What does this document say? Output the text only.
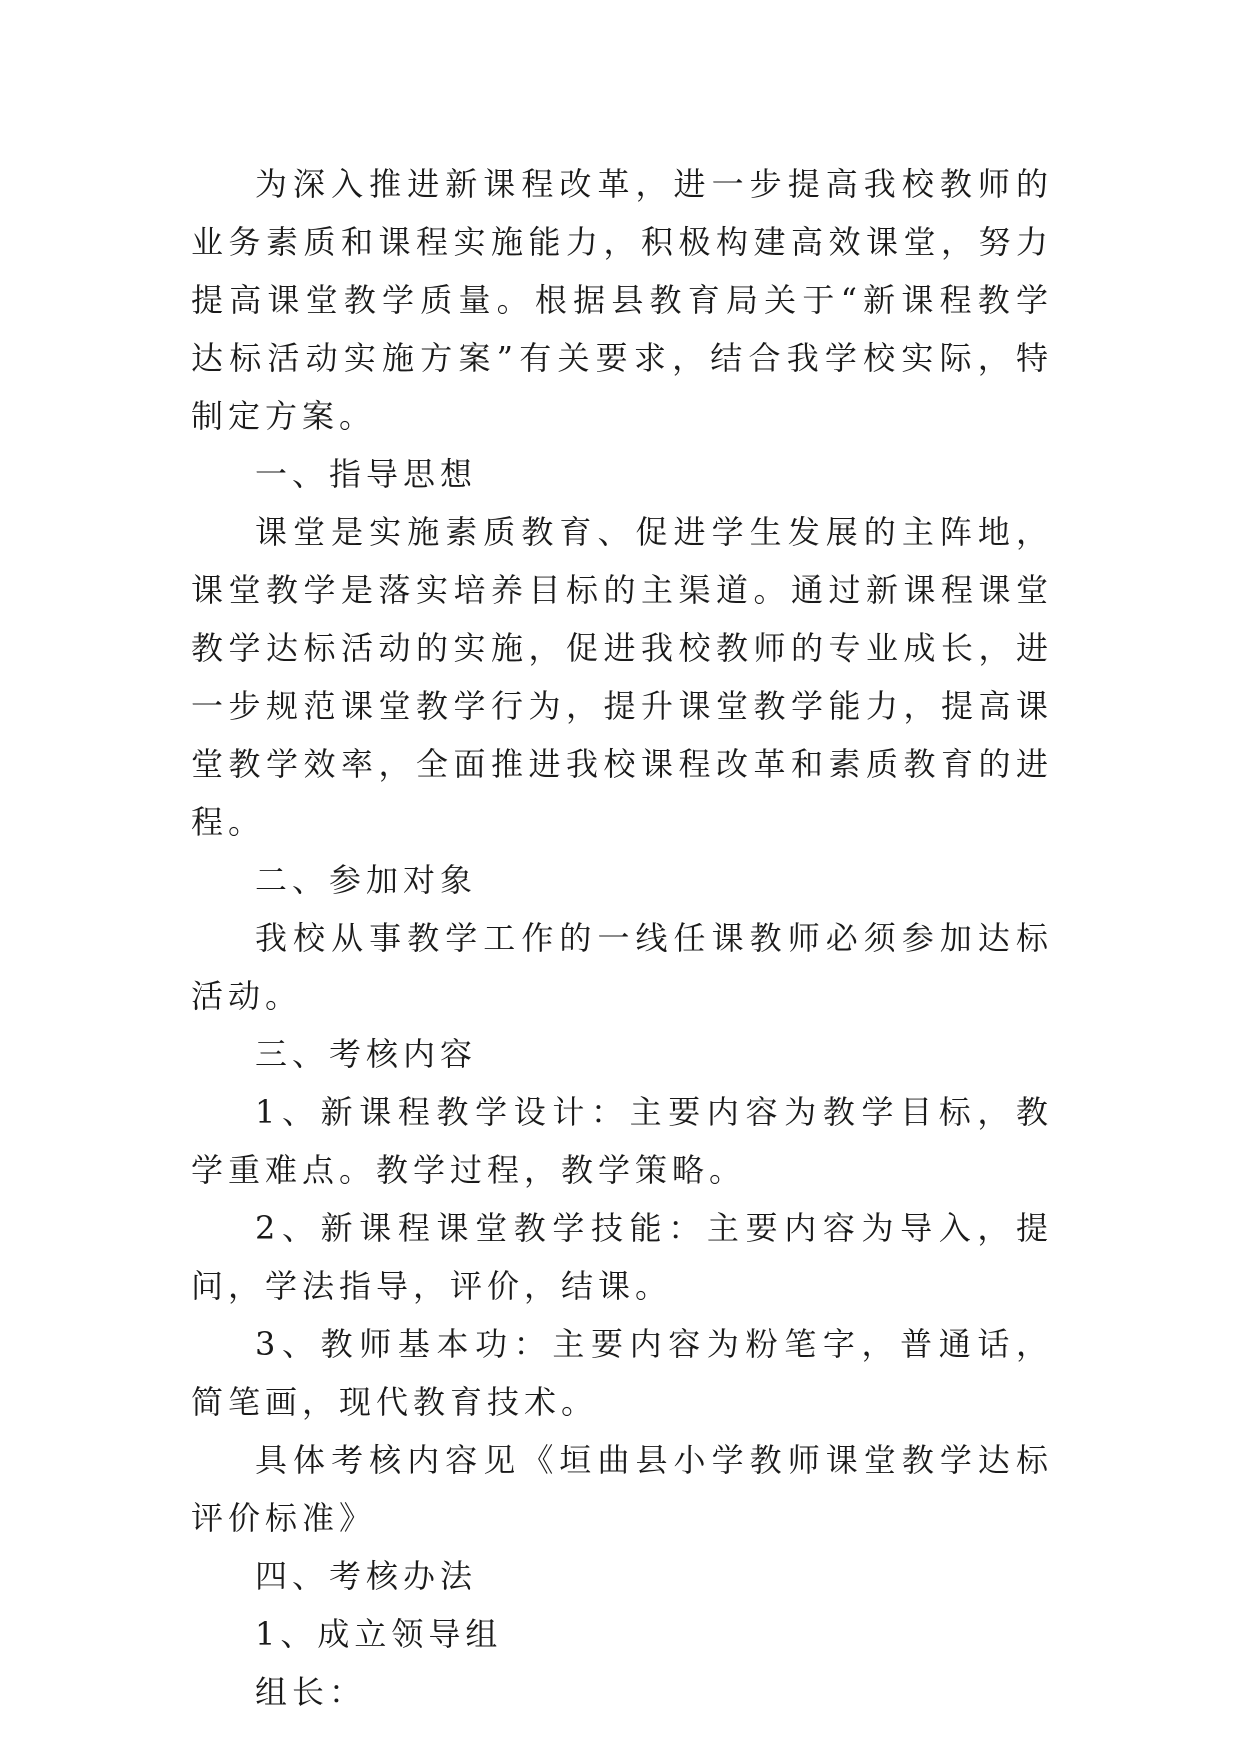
为深入推进新课程改革，进一步提高我校教师的业务素质和课程实施能力，积极构建高效课堂，努力提高课堂教学质量。根据县教育局关于“新课程教学达标活动实施方案”有关要求，结合我学校实际，特制定方案。

一、指导思想

课堂是实施素质教育、促进学生发展的主阵地，课堂教学是落实培养目标的主渠道。通过新课程课堂教学达标活动的实施，促进我校教师的专业成长，进一步规范课堂教学行为，提升课堂教学能力，提高课堂教学效率，全面推进我校课程改革和素质教育的进程。

二、参加对象

我校从事教学工作的一线任课教师必须参加达标活动。

三、考核内容

1、新课程教学设计：主要内容为教学目标，教学重难点。教学过程，教学策略。

2、新课程课堂教学技能：主要内容为导入，提问，学法指导，评价，结课。

3、教师基本功：主要内容为粉笔字，普通话，简笔画，现代教育技术。

具体考核内容见《垣曲县小学教师课堂教学达标评价标准》

四、考核办法

1、成立领导组

组长：
